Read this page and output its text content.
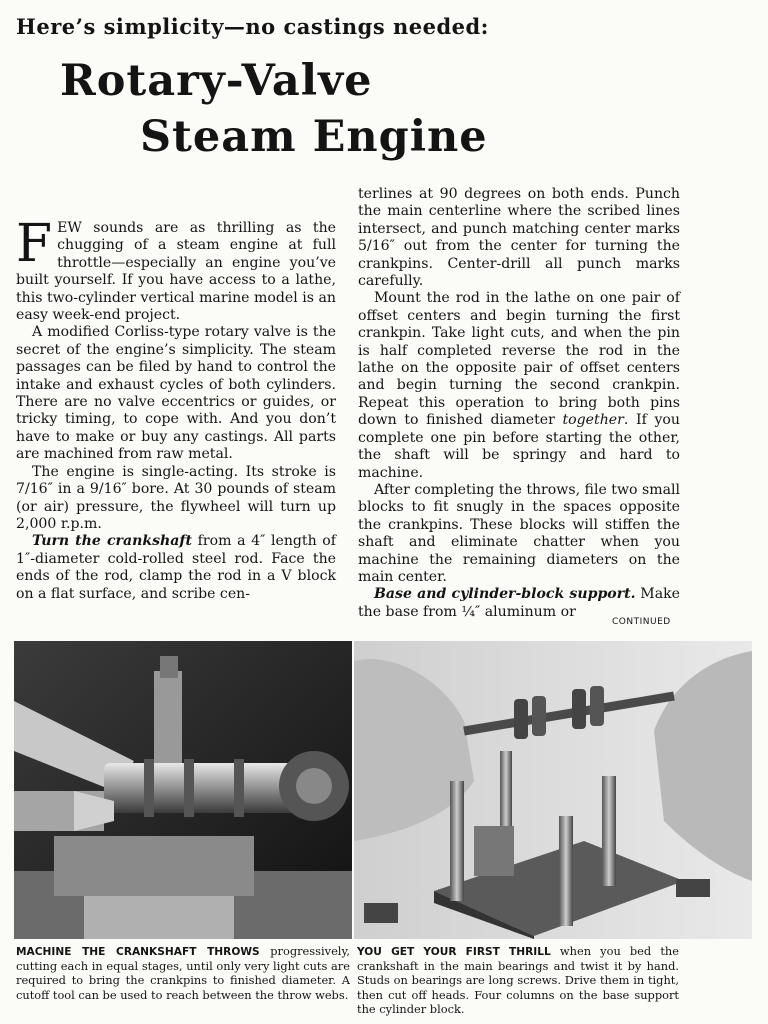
Here’s simplicity—no castings needed:
Rotary-Valve
Steam Engine

FEW sounds are as thrilling as the chugging of a steam engine at full throttle—especially an engine you’ve built yourself. If you have access to a lathe, this two-cylinder vertical marine model is an easy week-end project.

A modified Corliss-type rotary valve is the secret of the engine’s simplicity. The steam passages can be filed by hand to control the intake and exhaust cycles of both cylinders. There are no valve eccentrics or guides, or tricky timing, to cope with. And you don’t have to make or buy any castings. All parts are machined from raw metal.

The engine is single-acting. Its stroke is 7/16″ in a 9/16″ bore. At 30 pounds of steam (or air) pressure, the flywheel will turn up 2,000 r.p.m.

Turn the crankshaft from a 4″ length of 1″-diameter cold-rolled steel rod. Face the ends of the rod, clamp the rod in a V block on a flat surface, and scribe cen-

terlines at 90 degrees on both ends. Punch the main centerline where the scribed lines intersect, and punch matching center marks 5/16″ out from the center for turning the crankpins. Center-drill all punch marks carefully.

Mount the rod in the lathe on one pair of offset centers and begin turning the first crankpin. Take light cuts, and when the pin is half completed reverse the rod in the lathe on the opposite pair of offset centers and begin turning the second crankpin. Repeat this operation to bring both pins down to finished diameter together. If you complete one pin before starting the other, the shaft will be springy and hard to machine.

After completing the throws, file two small blocks to fit snugly in the spaces opposite the crankpins. These blocks will stiffen the shaft and eliminate chatter when you machine the remaining diameters on the main center.

Base and cylinder-block support. Make the base from ¼″ aluminum or

CONTINUED
MACHINE THE CRANKSHAFT THROWS progressively, cutting each in equal stages, until only very light cuts are required to bring the crankpins to finished diameter. A cutoff tool can be used to reach between the throw webs.
YOU GET YOUR FIRST THRILL when you bed the crankshaft in the main bearings and twist it by hand. Studs on bearings are long screws. Drive them in tight, then cut off heads. Four columns on the base support the cylinder block.
